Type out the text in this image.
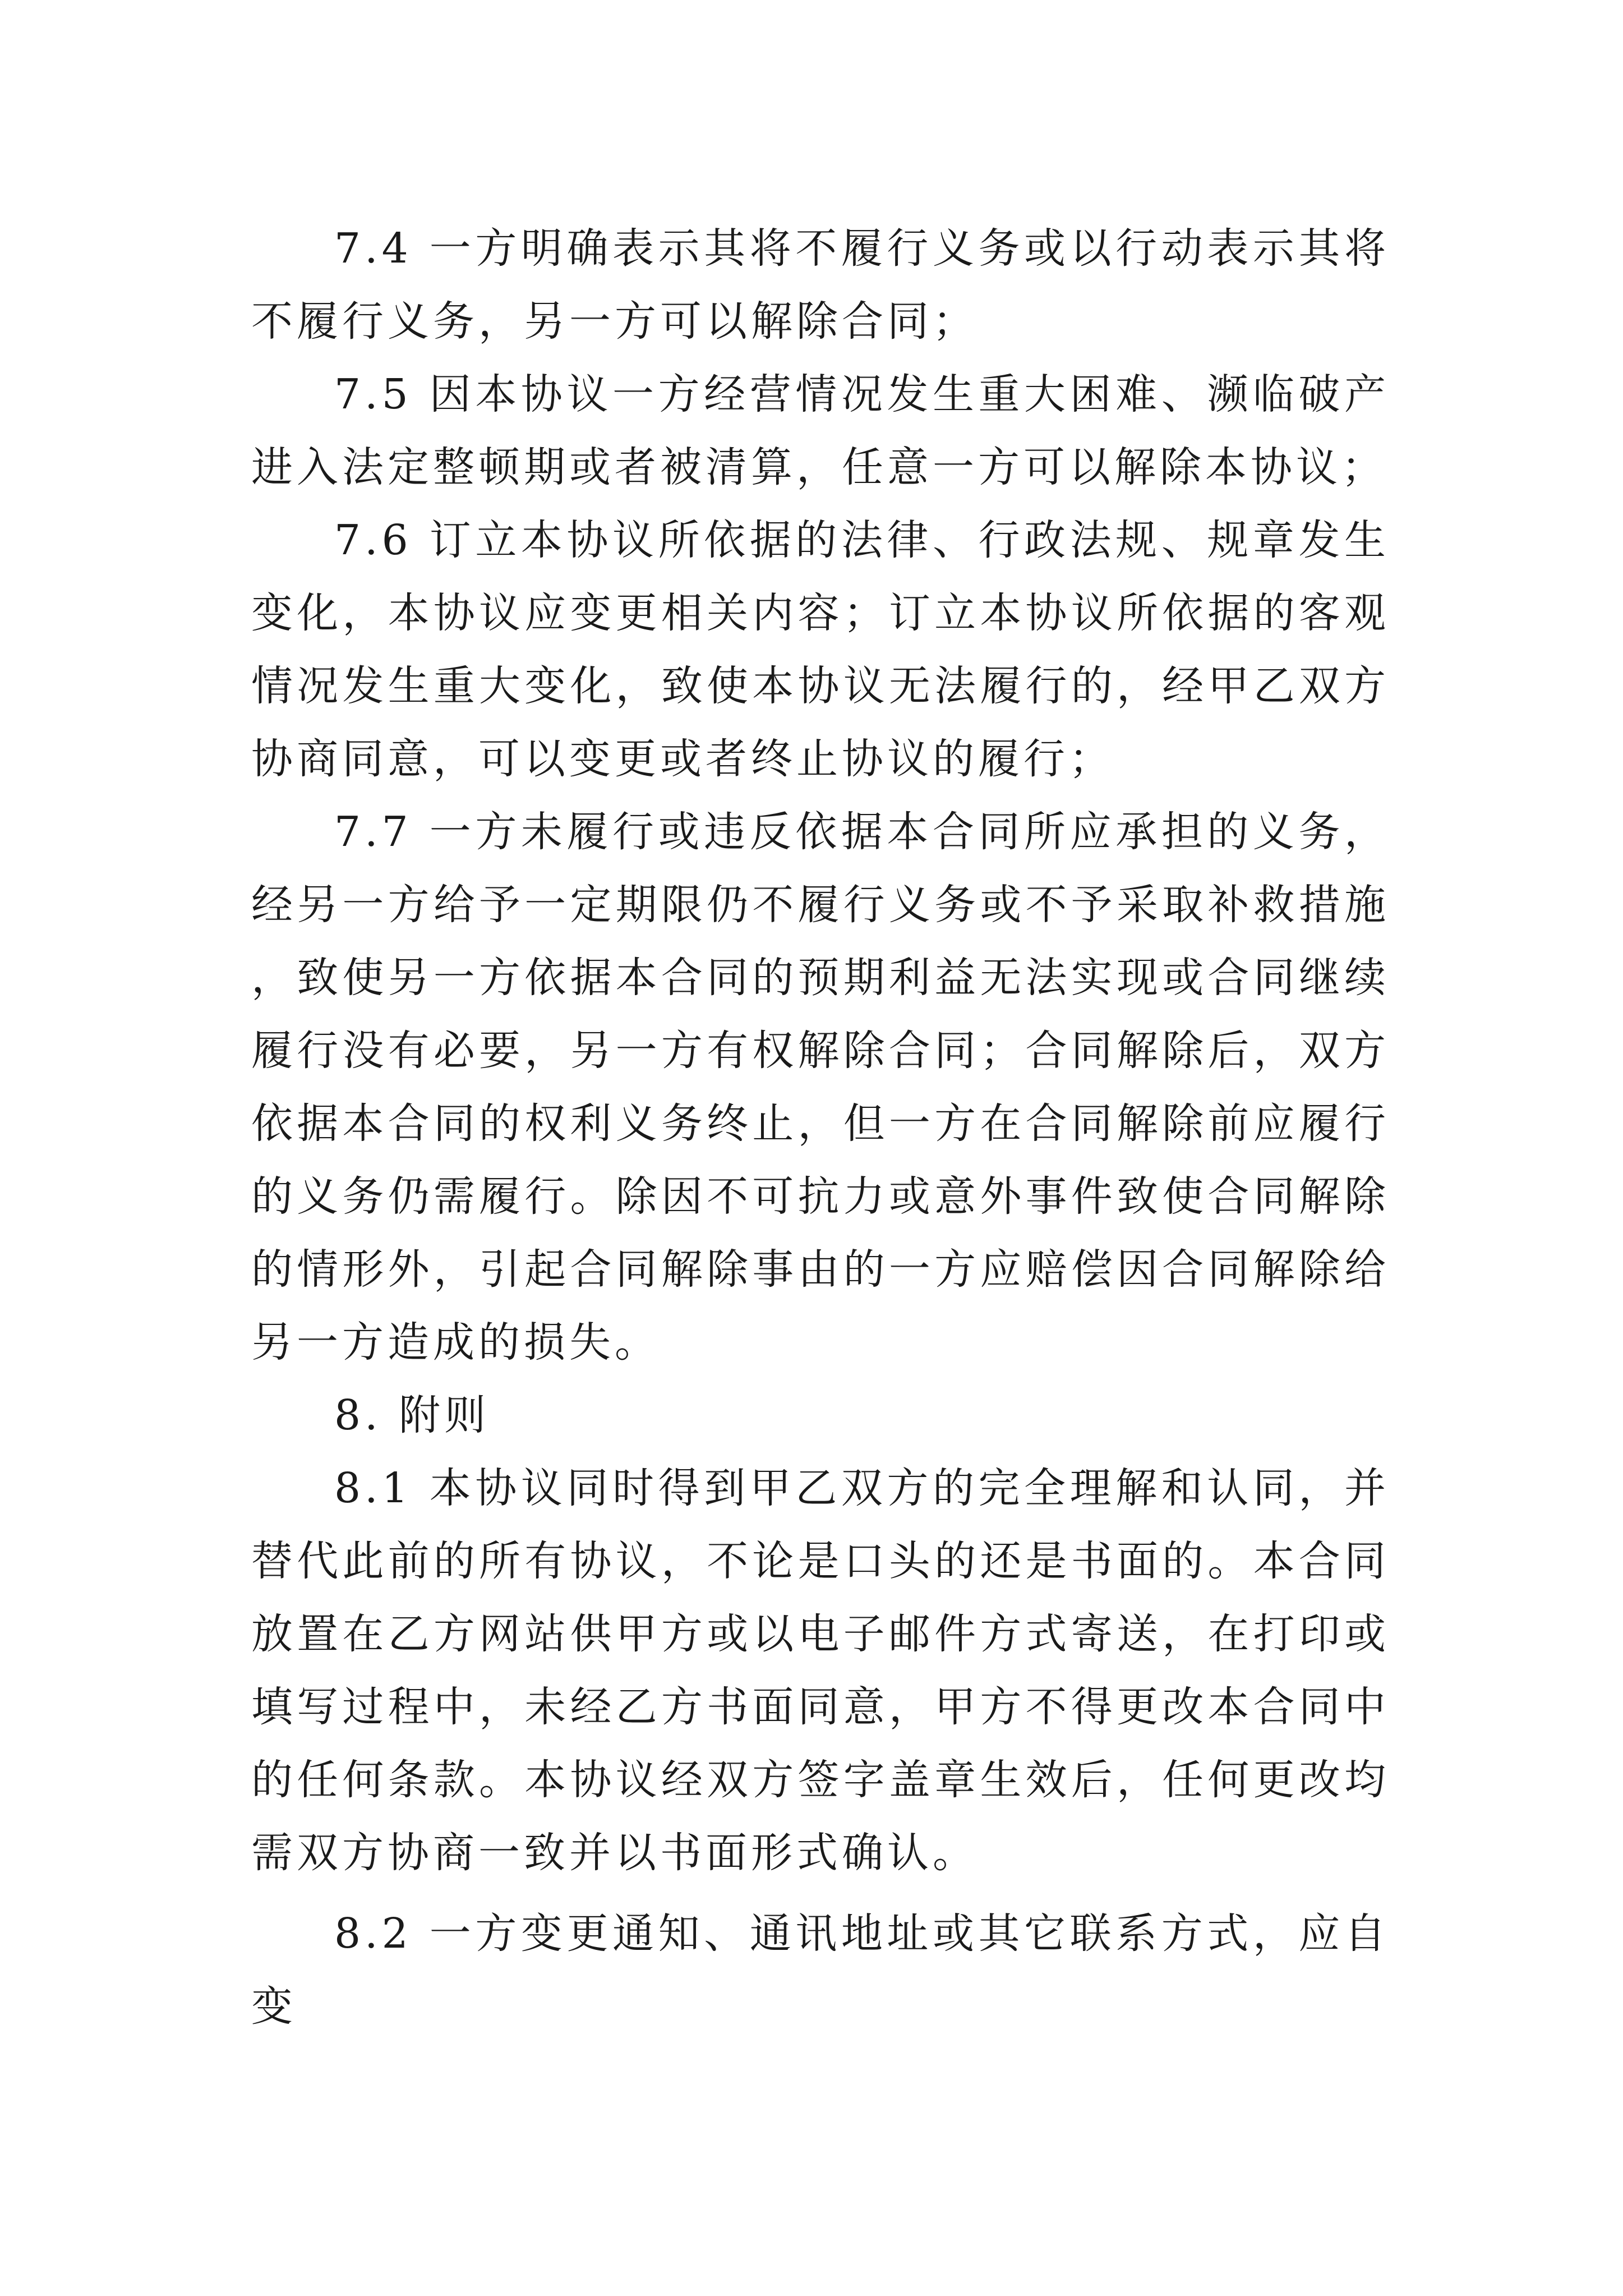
7.4 一方明确表示其将不履行义务或以行动表示其将不履行义务，另一方可以解除合同；

7.5 因本协议一方经营情况发生重大困难、濒临破产进入法定整顿期或者被清算，任意一方可以解除本协议；

7.6 订立本协议所依据的法律、行政法规、规章发生变化，本协议应变更相关内容；订立本协议所依据的客观情况发生重大变化，致使本协议无法履行的，经甲乙双方协商同意，可以变更或者终止协议的履行；

7.7 一方未履行或违反依据本合同所应承担的义务，经另一方给予一定期限仍不履行义务或不予采取补救措施，致使另一方依据本合同的预期利益无法实现或合同继续履行没有必要，另一方有权解除合同；合同解除后，双方依据本合同的权利义务终止，但一方在合同解除前应履行的义务仍需履行。除因不可抗力或意外事件致使合同解除的情形外，引起合同解除事由的一方应赔偿因合同解除给另一方造成的损失。

8. 附则

8.1 本协议同时得到甲乙双方的完全理解和认同，并替代此前的所有协议，不论是口头的还是书面的。本合同放置在乙方网站供甲方或以电子邮件方式寄送，在打印或填写过程中，未经乙方书面同意，甲方不得更改本合同中的任何条款。本协议经双方签字盖章生效后，任何更改均需双方协商一致并以书面形式确认。

8.2 一方变更通知、通讯地址或其它联系方式，应自变
